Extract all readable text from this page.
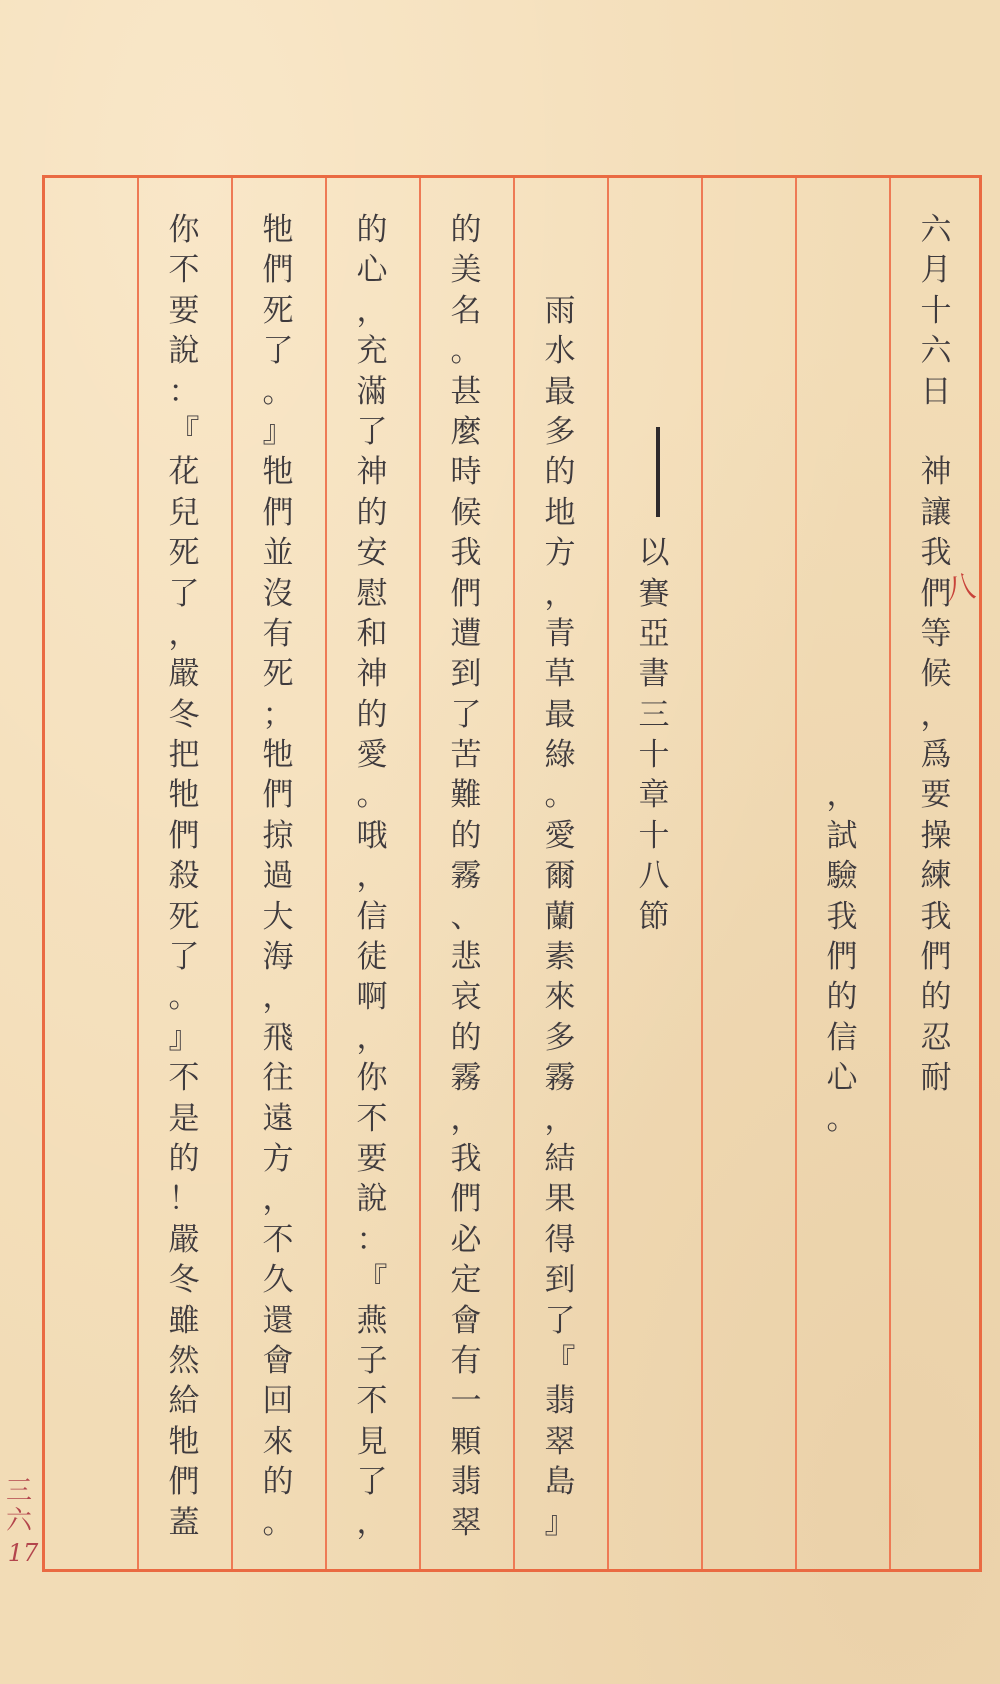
六
月
十
六
日
神
讓
我
們
等
候
，
爲
要
操
練
我
們
的
忍
耐
，
試
驗
我
們
的
信
心
。
以
賽
亞
書
三
十
章
十
八
節
雨
水
最
多
的
地
方
，
青
草
最
綠
。
愛
爾
蘭
素
來
多
霧
，
結
果
得
到
了
『
翡
翠
島
』
的
美
名
。
甚
麼
時
候
我
們
遭
到
了
苦
難
的
霧
、
悲
哀
的
霧
，
我
們
必
定
會
有
一
顆
翡
翠
的
心
，
充
滿
了
神
的
安
慰
和
神
的
愛
。
哦
，
信
徒
啊
，
你
不
要
說
：
『
燕
子
不
見
了
，
牠
們
死
了
。
』
牠
們
並
沒
有
死
；
牠
們
掠
過
大
海
，
飛
往
遠
方
，
不
久
還
會
回
來
的
。
你
不
要
說
：
『
花
兒
死
了
，
嚴
冬
把
牠
們
殺
死
了
。
』
不
是
的
！
嚴
冬
雖
然
給
牠
們
蓋
八
三六
17
